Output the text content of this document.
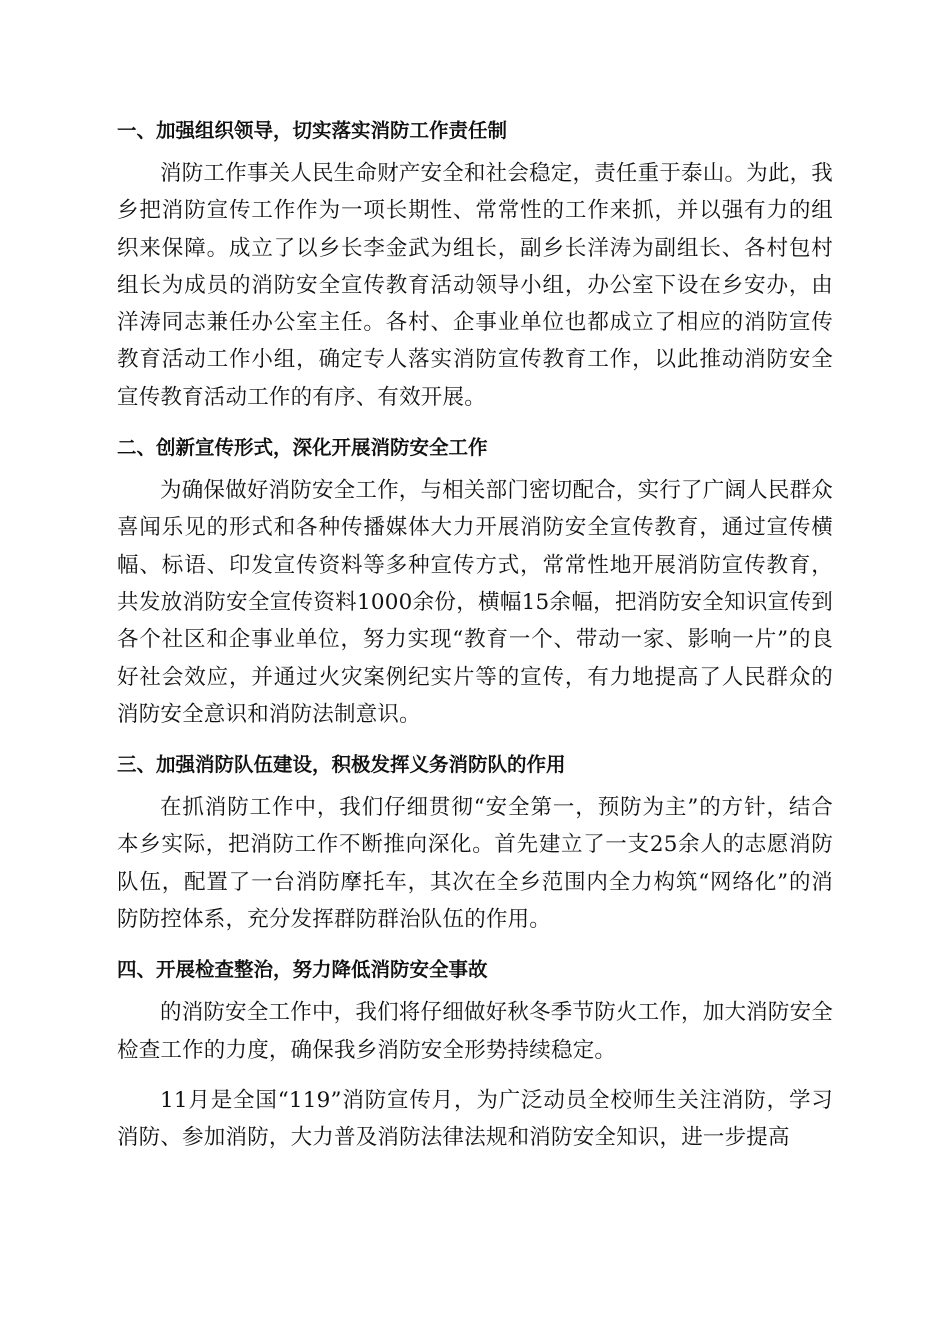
一、加强组织领导，切实落实消防工作责任制

消防工作事关人民生命财产安全和社会稳定，责任重于泰山。为此，我乡把消防宣传工作作为一项长期性、常常性的工作来抓，并以强有力的组织来保障。成立了以乡长李金武为组长，副乡长洋涛为副组长、各村包村组长为成员的消防安全宣传教育活动领导小组，办公室下设在乡安办，由洋涛同志兼任办公室主任。各村、企事业单位也都成立了相应的消防宣传教育活动工作小组，确定专人落实消防宣传教育工作，以此推动消防安全宣传教育活动工作的有序、有效开展。

二、创新宣传形式，深化开展消防安全工作

为确保做好消防安全工作，与相关部门密切配合，实行了广阔人民群众喜闻乐见的形式和各种传播媒体大力开展消防安全宣传教育，通过宣传横幅、标语、印发宣传资料等多种宣传方式，常常性地开展消防宣传教育，共发放消防安全宣传资料1000余份，横幅15余幅，把消防安全知识宣传到各个社区和企事业单位，努力实现“教育一个、带动一家、影响一片”的良好社会效应，并通过火灾案例纪实片等的宣传，有力地提高了人民群众的消防安全意识和消防法制意识。

三、加强消防队伍建设，积极发挥义务消防队的作用

在抓消防工作中，我们仔细贯彻“安全第一，预防为主”的方针，结合本乡实际，把消防工作不断推向深化。首先建立了一支25余人的志愿消防队伍，配置了一台消防摩托车，其次在全乡范围内全力构筑“网络化”的消防防控体系，充分发挥群防群治队伍的作用。

四、开展检查整治，努力降低消防安全事故

的消防安全工作中，我们将仔细做好秋冬季节防火工作，加大消防安全检查工作的力度，确保我乡消防安全形势持续稳定。

11月是全国“119”消防宣传月，为广泛动员全校师生关注消防，学习消防、参加消防，大力普及消防法律法规和消防安全知识，进一步提高
